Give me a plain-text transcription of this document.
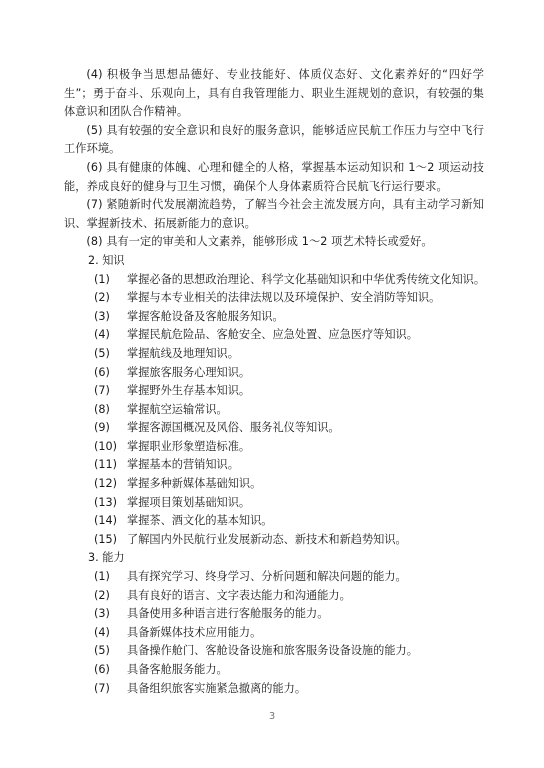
(4) 积极争当思想品德好、专业技能好、体质仪态好、文化素养好的“四好学生”；勇于奋斗、乐观向上，具有自我管理能力、职业生涯规划的意识，有较强的集体意识和团队合作精神。

(5) 具有较强的安全意识和良好的服务意识，能够适应民航工作压力与空中飞行工作环境。

(6) 具有健康的体魄、心理和健全的人格，掌握基本运动知识和 1～2 项运动技能，养成良好的健身与卫生习惯，确保个人身体素质符合民航飞行运行要求。

(7) 紧随新时代发展潮流趋势，了解当今社会主流发展方向，具有主动学习新知识、掌握新技术、拓展新能力的意识。

(8) 具有一定的审美和人文素养，能够形成 1～2 项艺术特长或爱好。

2. 知识

(1)	掌握必备的思想政治理论、科学文化基础知识和中华优秀传统文化知识。
(2)	掌握与本专业相关的法律法规以及环境保护、安全消防等知识。
(3)	掌握客舱设备及客舱服务知识。
(4)	掌握民航危险品、客舱安全、应急处置、应急医疗等知识。
(5)	掌握航线及地理知识。
(6)	掌握旅客服务心理知识。
(7)	掌握野外生存基本知识。
(8)	掌握航空运输常识。
(9)	掌握客源国概况及风俗、服务礼仪等知识。
(10) 掌握职业形象塑造标准。
(11) 掌握基本的营销知识。
(12) 掌握多种新媒体基础知识。
(13) 掌握项目策划基础知识。
(14) 掌握茶、酒文化的基本知识。
(15) 了解国内外民航行业发展新动态、新技术和新趋势知识。

3. 能力

(1)	具有探究学习、终身学习、分析问题和解决问题的能力。
(2)	具有良好的语言、文字表达能力和沟通能力。
(3)	具备使用多种语言进行客舱服务的能力。
(4)	具备新媒体技术应用能力。
(5)	具备操作舱门、客舱设备设施和旅客服务设备设施的能力。
(6)	具备客舱服务能力。
(7)	具备组织旅客实施紧急撤离的能力。
3
